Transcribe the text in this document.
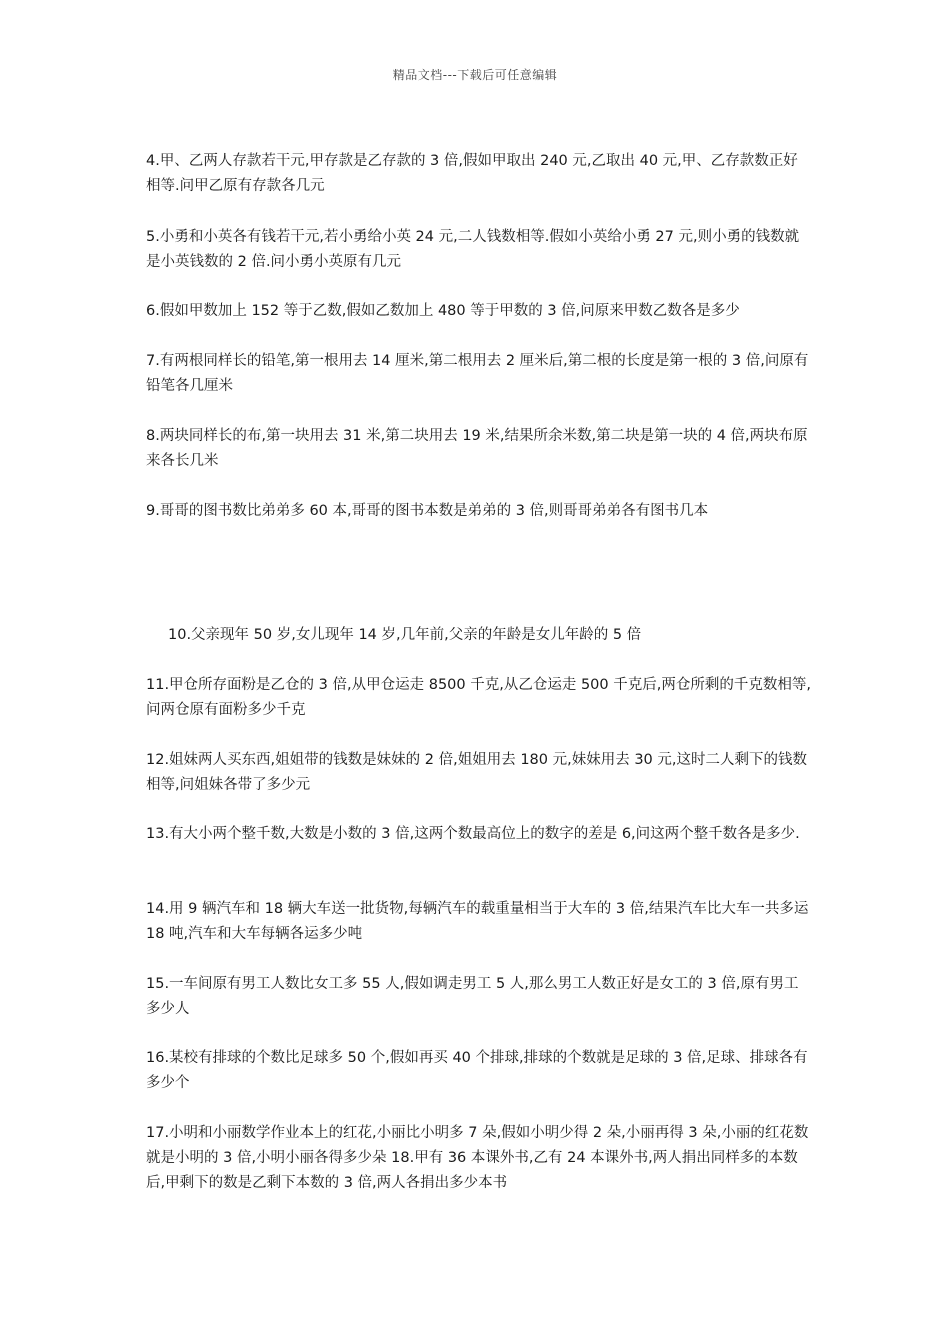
精品文档---下载后可任意编辑

4.甲、乙两人存款若干元,甲存款是乙存款的 3 倍,假如甲取出 240 元,乙取出 40 元,甲、乙存款数正好相等.问甲乙原有存款各几元

5.小勇和小英各有钱若干元,若小勇给小英 24 元,二人钱数相等.假如小英给小勇 27 元,则小勇的钱数就是小英钱数的 2 倍.问小勇小英原有几元

6.假如甲数加上 152 等于乙数,假如乙数加上 480 等于甲数的 3 倍,问原来甲数乙数各是多少

7.有两根同样长的铅笔,第一根用去 14 厘米,第二根用去 2 厘米后,第二根的长度是第一根的 3 倍,问原有铅笔各几厘米

8.两块同样长的布,第一块用去 31 米,第二块用去 19 米,结果所余米数,第二块是第一块的 4 倍,两块布原来各长几米

9.哥哥的图书数比弟弟多 60 本,哥哥的图书本数是弟弟的 3 倍,则哥哥弟弟各有图书几本

10.父亲现年 50 岁,女儿现年 14 岁,几年前,父亲的年龄是女儿年龄的 5 倍

11.甲仓所存面粉是乙仓的 3 倍,从甲仓运走 8500 千克,从乙仓运走 500 千克后,两仓所剩的千克数相等,问两仓原有面粉多少千克

12.姐妹两人买东西,姐姐带的钱数是妹妹的 2 倍,姐姐用去 180 元,妹妹用去 30 元,这时二人剩下的钱数相等,问姐妹各带了多少元

13.有大小两个整千数,大数是小数的 3 倍,这两个数最高位上的数字的差是 6,问这两个整千数各是多少.

14.用 9 辆汽车和 18 辆大车送一批货物,每辆汽车的载重量相当于大车的 3 倍,结果汽车比大车一共多运 18 吨,汽车和大车每辆各运多少吨

15.一车间原有男工人数比女工多 55 人,假如调走男工 5 人,那么男工人数正好是女工的 3 倍,原有男工多少人

16.某校有排球的个数比足球多 50 个,假如再买 40 个排球,排球的个数就是足球的 3 倍,足球、排球各有多少个

17.小明和小丽数学作业本上的红花,小丽比小明多 7 朵,假如小明少得 2 朵,小丽再得 3 朵,小丽的红花数就是小明的 3 倍,小明小丽各得多少朵 18.甲有 36 本课外书,乙有 24 本课外书,两人捐出同样多的本数后,甲剩下的数是乙剩下本数的 3 倍,两人各捐出多少本书
